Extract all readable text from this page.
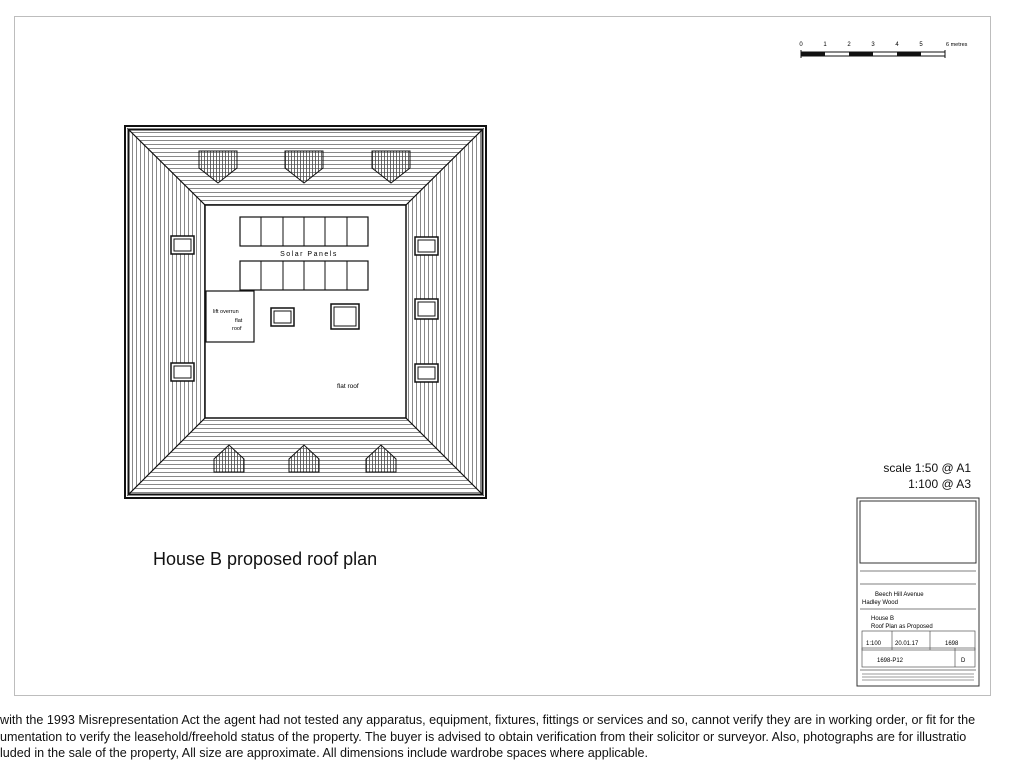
0	1	2	3	4	5	6 metres
Solar Panels
lift overrun
flat
roof
flat roof
Beech Hill Avenue
Hadley Wood
House B
Roof Plan as Proposed
1:100 20.01.17	1698
1698-P12	D
House B proposed roof plan
scale 1:50 @ A1
1:100 @ A3
with the 1993 Misrepresentation Act the agent had not tested any apparatus, equipment, fixtures, fittings or services and so, cannot verify they are in working order, or fit for the
umentation to verify the leasehold/freehold status of the property. The buyer is advised to obtain verification from their solicitor or surveyor. Also, photographs are for illustratio
luded in the sale of the property, All size are approximate. All dimensions include wardrobe spaces where applicable.
